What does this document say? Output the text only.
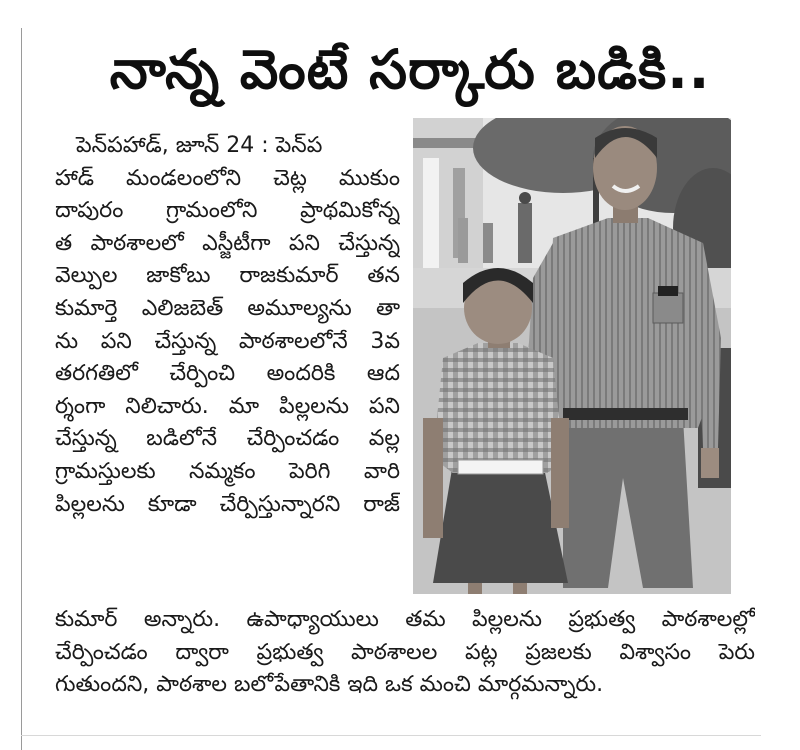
నాన్న వెంటే సర్కారు బడికి..
పెన్‌పహాడ్, జూన్ 24 : పెన్‌ప
హాడ్ మండలంలోని చెట్ల ముకుం
దాపురం గ్రామంలోని ప్రాథమికోన్న
త పాఠశాలలో ఎస్జీటీగా పని చేస్తున్న
వెల్పుల జాకోబు రాజకుమార్ తన
కుమార్తె ఎలిజబెత్ అమూల్యను తా
ను పని చేస్తున్న పాఠశాలలోనే 3వ
తరగతిలో చేర్పించి అందరికి ఆద
ర్శంగా నిలిచారు. మా పిల్లలను పని
చేస్తున్న బడిలోనే చేర్పించడం వల్ల
గ్రామస్తులకు నమ్మకం పెరిగి వారి
పిల్లలను కూడా చేర్పిస్తున్నారని రాజ్
కుమార్ అన్నారు. ఉపాధ్యాయులు తమ పిల్లలను ప్రభుత్వ పాఠశాలల్లో
చేర్పించడం ద్వారా ప్రభుత్వ పాఠశాలల పట్ల ప్రజలకు విశ్వాసం పెరు
గుతుందని, పాఠశాల బలోపేతానికి ఇది ఒక మంచి మార్గమన్నారు.
